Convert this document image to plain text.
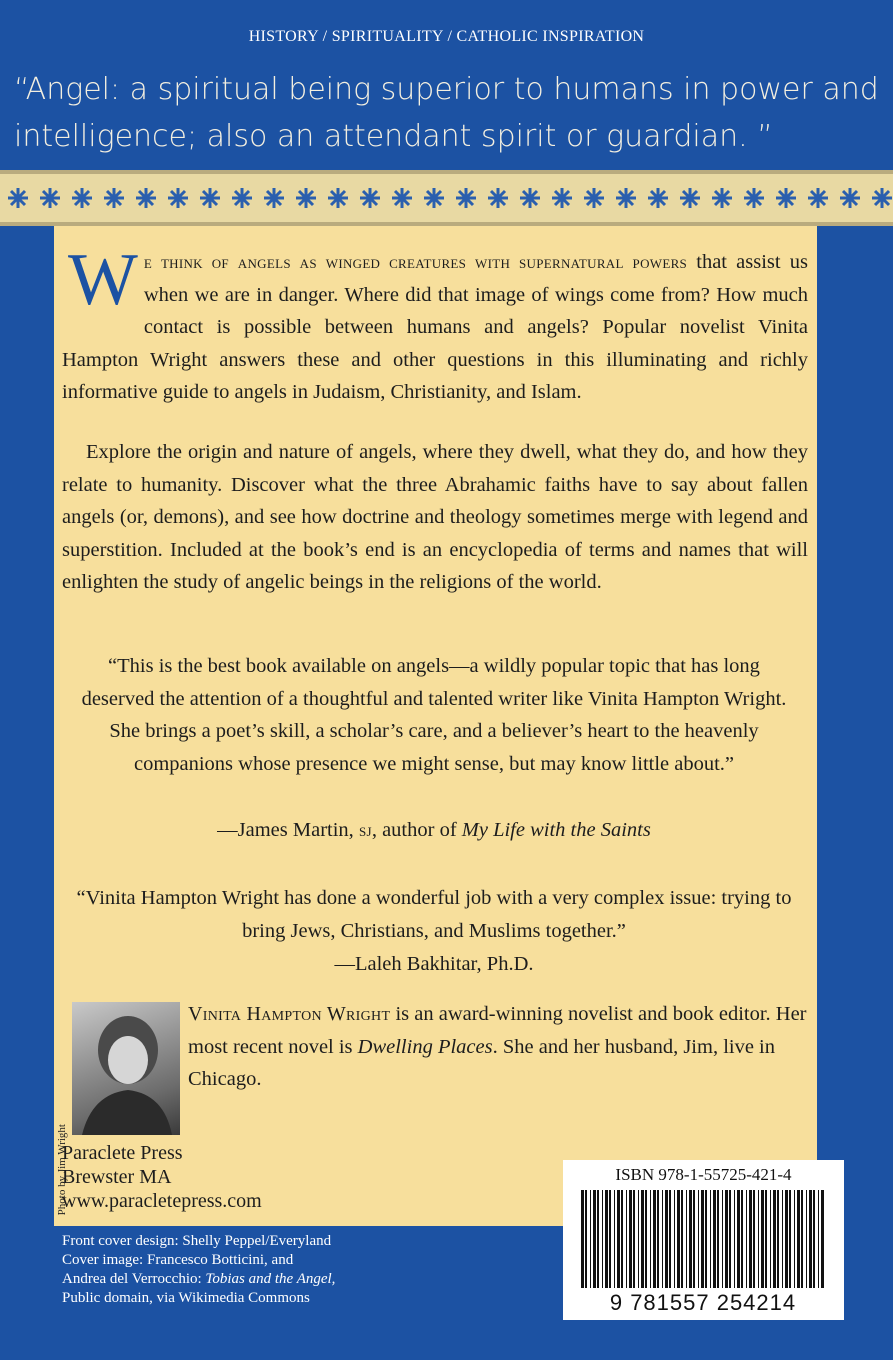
HISTORY / SPIRITUALITY / CATHOLIC INSPIRATION
“Angel: a spiritual being superior to humans in power and intelligence; also an attendant spirit or guardian. ”

We think of angels as winged creatures with supernatural powers that assist us when we are in danger. Where did that image of wings come from? How much contact is possible between humans and angels? Popular novelist Vinita Hampton Wright answers these and other questions in this illuminating and richly informative guide to angels in Judaism, Christianity, and Islam.

Explore the origin and nature of angels, where they dwell, what they do, and how they relate to humanity. Discover what the three Abrahamic faiths have to say about fallen angels (or, demons), and see how doctrine and theology sometimes merge with legend and superstition. Included at the book’s end is an encyclopedia of terms and names that will enlighten the study of angelic beings in the religions of the world.

“This is the best book available on angels—a wildly popular topic that has long deserved the attention of a thoughtful and talented writer like Vinita Hampton Wright. She brings a poet’s skill, a scholar’s care, and a believer’s heart to the heavenly companions whose presence we might sense, but may know little about.”

—James Martin, sj, author of My Life with the Saints

“Vinita Hampton Wright has done a wonderful job with a very complex issue: trying to bring Jews, Christians, and Muslims together.”

—Laleh Bakhitar, Ph.D.

Photo by Jim Wright

Vinita Hampton Wright is an award-winning novelist and book editor. Her most recent novel is Dwelling Places. She and her husband, Jim, live in Chicago.

Paraclete Press
Brewster MA
www.paracletepress.com
ISBN 978-1-55725-421-4
9 781557 254214
Front cover design: Shelly Peppel/Everyland
Cover image: Francesco Botticini, and
Andrea del Verrocchio: Tobias and the Angel,
Public domain, via Wikimedia Commons
